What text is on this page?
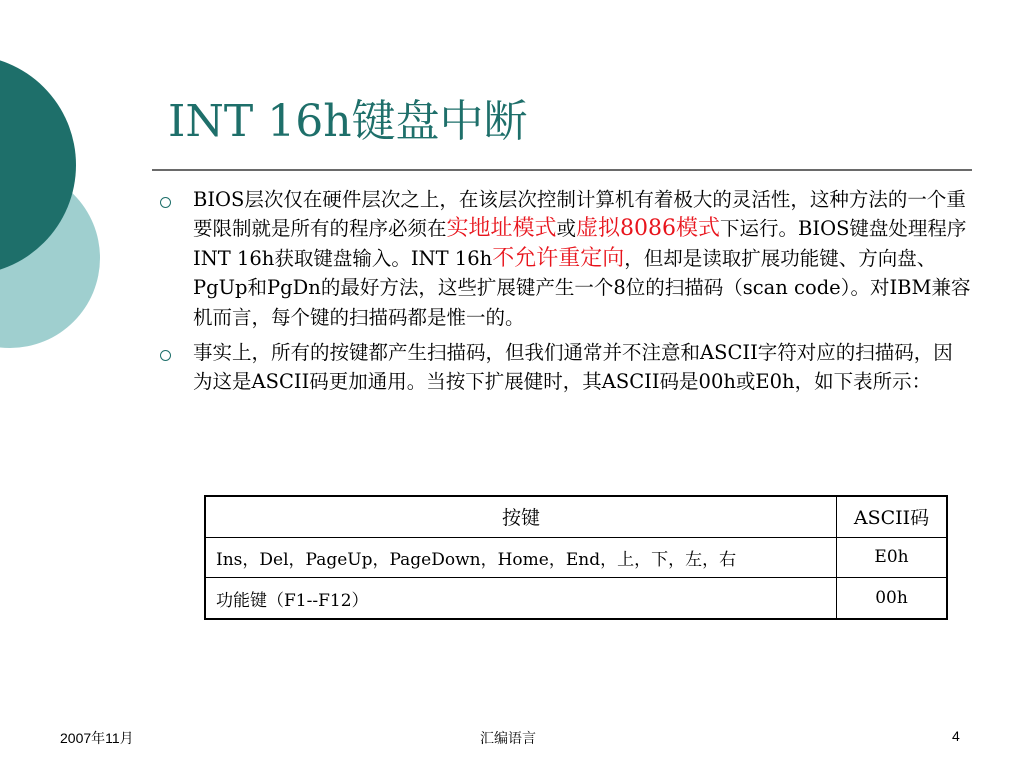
INT 16h键盘中断
BIOS层次仅在硬件层次之上，在该层次控制计算机有着极大的灵活性，这种方法的一个重要限制就是所有的程序必须在实地址模式或虚拟8086模式下运行。BIOS键盘处理程序INT 16h获取键盘输入。INT 16h不允许重定向，但却是读取扩展功能键、方向盘、PgUp和PgDn的最好方法，这些扩展键产生一个8位的扫描码（scan code）。对IBM兼容机而言，每个键的扫描码都是惟一的。
事实上，所有的按键都产生扫描码，但我们通常并不注意和ASCII字符对应的扫描码，因为这是ASCII码更加通用。当按下扩展健时，其ASCII码是00h或E0h，如下表所示：
按键	ASCII码
Ins，Del，PageUp，PageDown，Home，End，上，下，左，右	E0h
功能键（F1--F12）	00h
2007年11月	汇编语言	4
